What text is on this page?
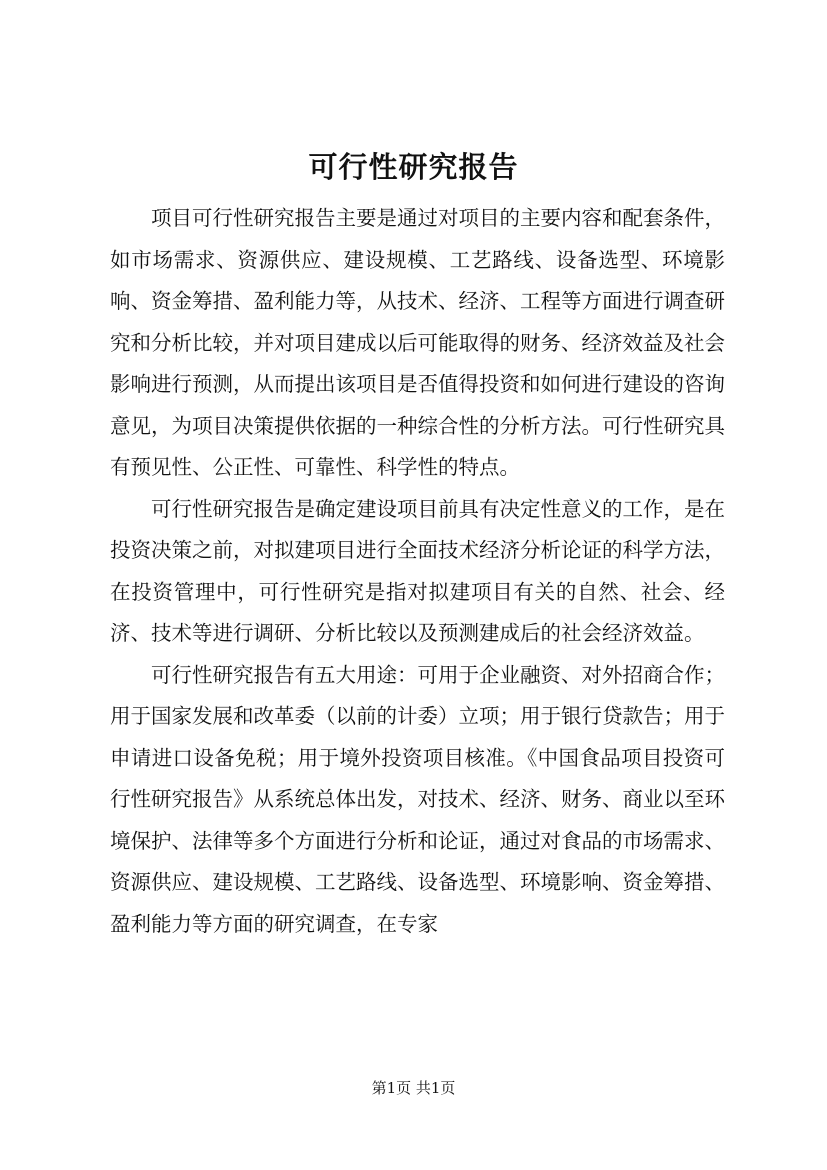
可行性研究报告

项目可行性研究报告主要是通过对项目的主要内容和配套条件，如市场需求、资源供应、建设规模、工艺路线、设备选型、环境影响、资金筹措、盈利能力等，从技术、经济、工程等方面进行调查研究和分析比较，并对项目建成以后可能取得的财务、经济效益及社会影响进行预测，从而提出该项目是否值得投资和如何进行建设的咨询意见，为项目决策提供依据的一种综合性的分析方法。可行性研究具有预见性、公正性、可靠性、科学性的特点。

可行性研究报告是确定建设项目前具有决定性意义的工作，是在投资决策之前，对拟建项目进行全面技术经济分析论证的科学方法，在投资管理中，可行性研究是指对拟建项目有关的自然、社会、经济、技术等进行调研、分析比较以及预测建成后的社会经济效益。

可行性研究报告有五大用途：可用于企业融资、对外招商合作；用于国家发展和改革委（以前的计委）立项；用于银行贷款告；用于申请进口设备免税；用于境外投资项目核准。《中国食品项目投资可行性研究报告》从系统总体出发，对技术、经济、财务、商业以至环境保护、法律等多个方面进行分析和论证，通过对食品的市场需求、资源供应、建设规模、工艺路线、设备选型、环境影响、资金筹措、盈利能力等方面的研究调查，在专家

第1页 共1页
